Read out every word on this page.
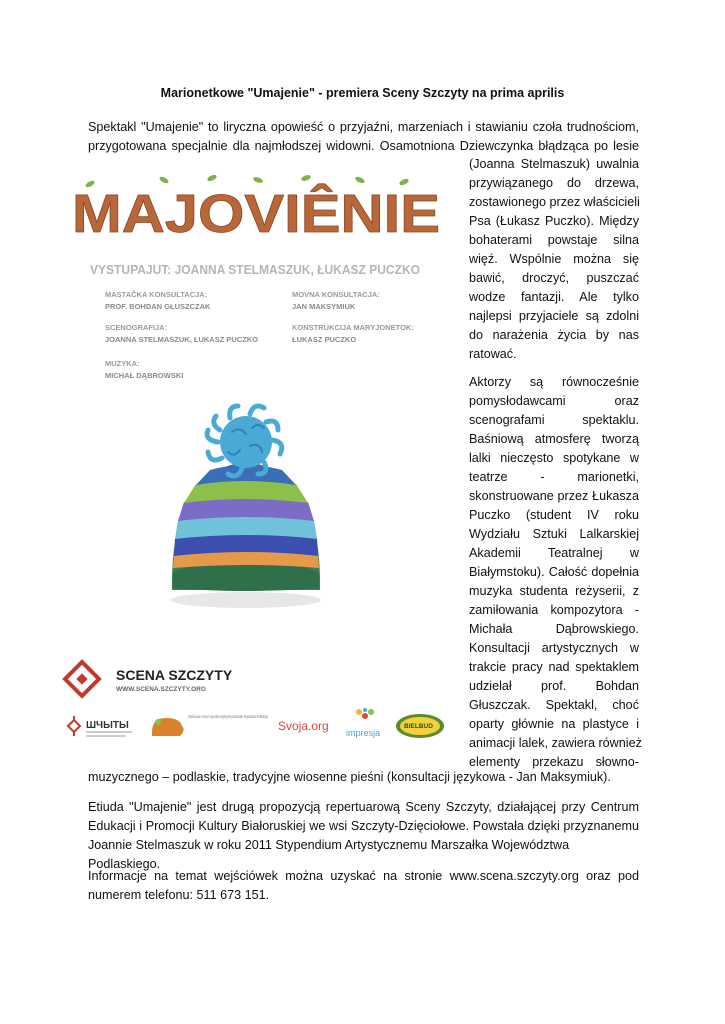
Marionetkowe "Umajenie" - premiera Sceny Szczyty na prima aprilis
Spektakl "Umajenie" to liryczna opowieść o przyjaźni, marzeniach i stawianiu czoła trudnościom,
przygotowana specjalnie dla najmłodszej widowni. Osamotniona Dziewczynka błądząca po lesie
(Joanna Stelmaszuk) uwalnia
przywiązanego do drzewa,
zostawionego przez właścicieli
Psa (Łukasz Puczko). Między
bohaterami powstaje silna
więź. Wspólnie można się
bawić, droczyć, puszczać
wodze fantazji. Ale tylko
najlepsi przyjaciele są zdolni
do narażenia życia by nas
ratować.
Aktorzy są równocześnie
pomysłodawcami oraz
scenografami spektaklu.
Baśniową atmosferę tworzą
lalki nieczęsto spotykane w
teatrze - marionetki,
skonstruowane przez Łukasza
Puczko (student IV roku
Wydziału Sztuki Lalkarskiej
Akademii Teatralnej w
Białymstoku). Całość dopełnia
muzyka studenta reżyserii, z
zamiłowania kompozytora -
Michała Dąbrowskiego.
Konsultacji artystycznych w
trakcie pracy nad spektaklem
udzielał prof. Bohdan
Głuszczak. Spektakl, choć
oparty głównie na plastyce i
animacji lalek, zawiera również
elementy przekazu słowno-
muzycznego – podlaskie, tradycyjne wiosenne pieśni (konsultacji językowa - Jan Maksymiuk).
Etiuda "Umajenie" jest drugą propozycją repertuarową Sceny Szczyty, działającej przy Centrum
Edukacji i Promocji Kultury Białoruskiej we wsi Szczyty-Dzięciołowe. Powstała dzięki przyznanemu
Joannie Stelmaszuk w roku 2011 Stypendium Artystycznemu Marszałka Województwa Podlaskiego.
Informacje na temat wejściówek można uzyskać na stronie www.scena.szczyty.org oraz pod
numerem telefonu: 511 673 151.
MAJOVIÊNIE
VYSTUPAJUT: JOANNA STELMASZUK, ŁUKASZ PUCZKO
MASTAČKA KONSULTACJA:
PROF. BOHDAN GŁUSZCZAK
MOVNA KONSULTACJA:
JAN MAKSYMIUK
SCENOGRAFIJA:
JOANNA STELMASZUK, ŁUKASZ PUCZKO
KONSTRUKCIJA MARYJONETOK:
ŁUKASZ PUCZKO
MUZYKA:
MICHAŁ DĄBROWSKI
SCENA SZCZYTY
WWW.SCENA.SZCZYTY.ORG
ШЧЫТЫ
Zrealizowane w ramach stypendium artystycznego Marszałka Województwa Podlaskiego
Svoja.org impresja
BIELBUD
